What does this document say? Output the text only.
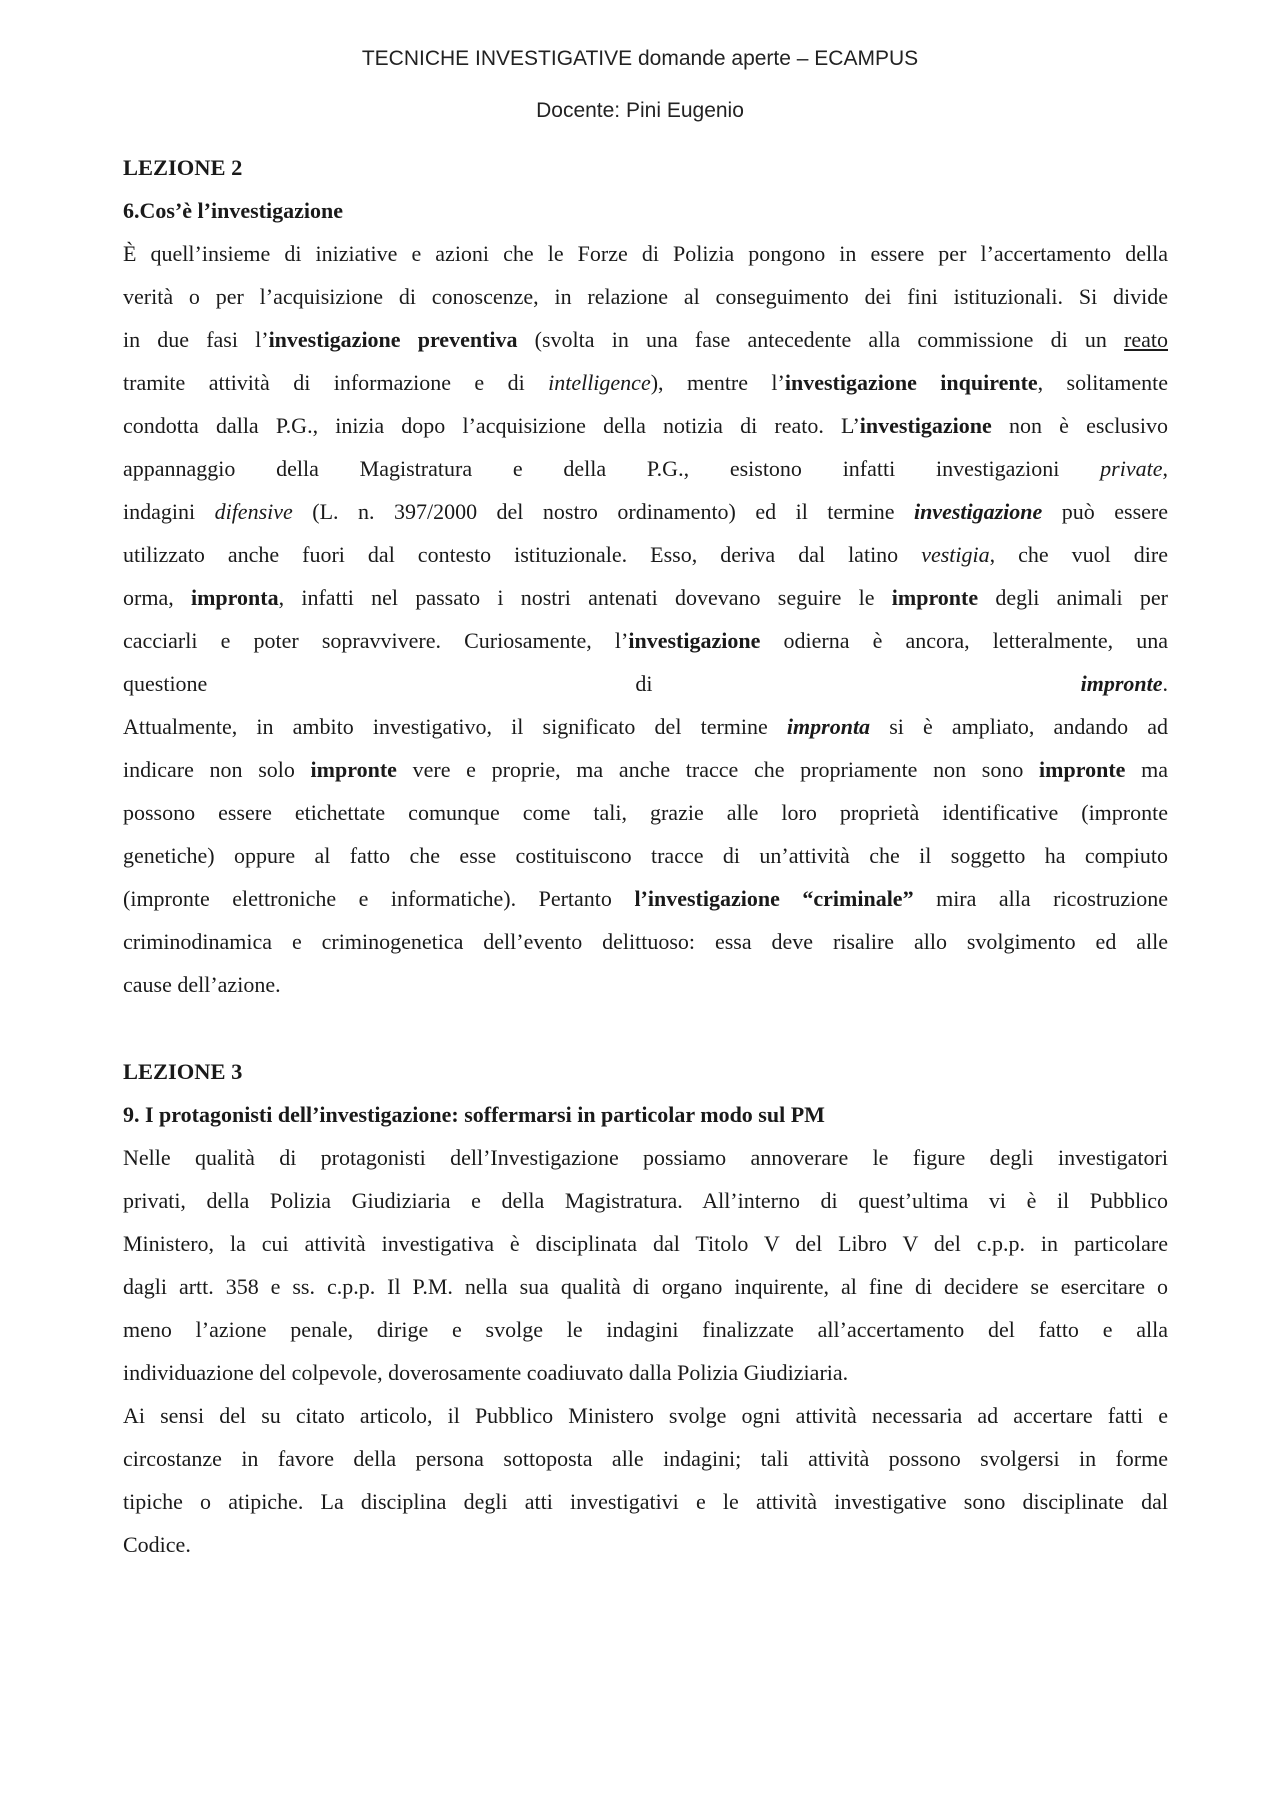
TECNICHE INVESTIGATIVE domande aperte – ECAMPUS
Docente: Pini Eugenio
LEZIONE 2
6.Cos’è l’investigazione
È quell’insieme di iniziative e azioni che le Forze di Polizia pongono in essere per l’accertamento della
verità o per l’acquisizione di conoscenze, in relazione al conseguimento dei fini istituzionali. Si divide
in due fasi l’investigazione preventiva (svolta in una fase antecedente alla commissione di un reato
tramite attività di informazione e di intelligence), mentre l’investigazione inquirente, solitamente
condotta dalla P.G., inizia dopo l’acquisizione della notizia di reato. L’investigazione non è esclusivo
appannaggio della Magistratura e della P.G., esistono infatti investigazioni private,
indagini difensive (L. n. 397/2000 del nostro ordinamento) ed il termine investigazione può essere
utilizzato anche fuori dal contesto istituzionale. Esso, deriva dal latino vestigia, che vuol dire
orma, impronta, infatti nel passato i nostri antenati dovevano seguire le impronte degli animali per
cacciarli e poter sopravvivere. Curiosamente, l’investigazione odierna è ancora, letteralmente, una
questione	di impronte.
Attualmente, in ambito investigativo, il significato del termine impronta si è ampliato, andando ad
indicare non solo impronte vere e proprie, ma anche tracce che propriamente non sono impronte ma
possono essere etichettate comunque come tali, grazie alle loro proprietà identificative (impronte
genetiche) oppure al fatto che esse costituiscono tracce di un’attività che il soggetto ha compiuto
(impronte elettroniche e informatiche). Pertanto l’investigazione “criminale” mira alla ricostruzione
criminodinamica e criminogenetica dell’evento delittuoso: essa deve risalire allo svolgimento ed alle
cause dell’azione.
LEZIONE 3
9. I protagonisti dell’investigazione: soffermarsi in particolar modo sul PM
Nelle qualità di protagonisti dell’Investigazione possiamo annoverare le figure degli investigatori
privati, della Polizia Giudiziaria e della Magistratura. All’interno di quest’ultima vi è il Pubblico
Ministero, la cui attività investigativa è disciplinata dal Titolo V del Libro V del c.p.p. in particolare
dagli artt. 358 e ss. c.p.p. Il P.M. nella sua qualità di organo inquirente, al fine di decidere se esercitare o
meno l’azione penale, dirige e svolge le indagini finalizzate all’accertamento del fatto e alla
individuazione del colpevole, doverosamente coadiuvato dalla Polizia Giudiziaria.
Ai sensi del su citato articolo, il Pubblico Ministero svolge ogni attività necessaria ad accertare fatti e
circostanze in favore della persona sottoposta alle indagini; tali attività possono svolgersi in forme
tipiche o atipiche. La disciplina degli atti investigativi e le attività investigative sono disciplinate dal
Codice.
